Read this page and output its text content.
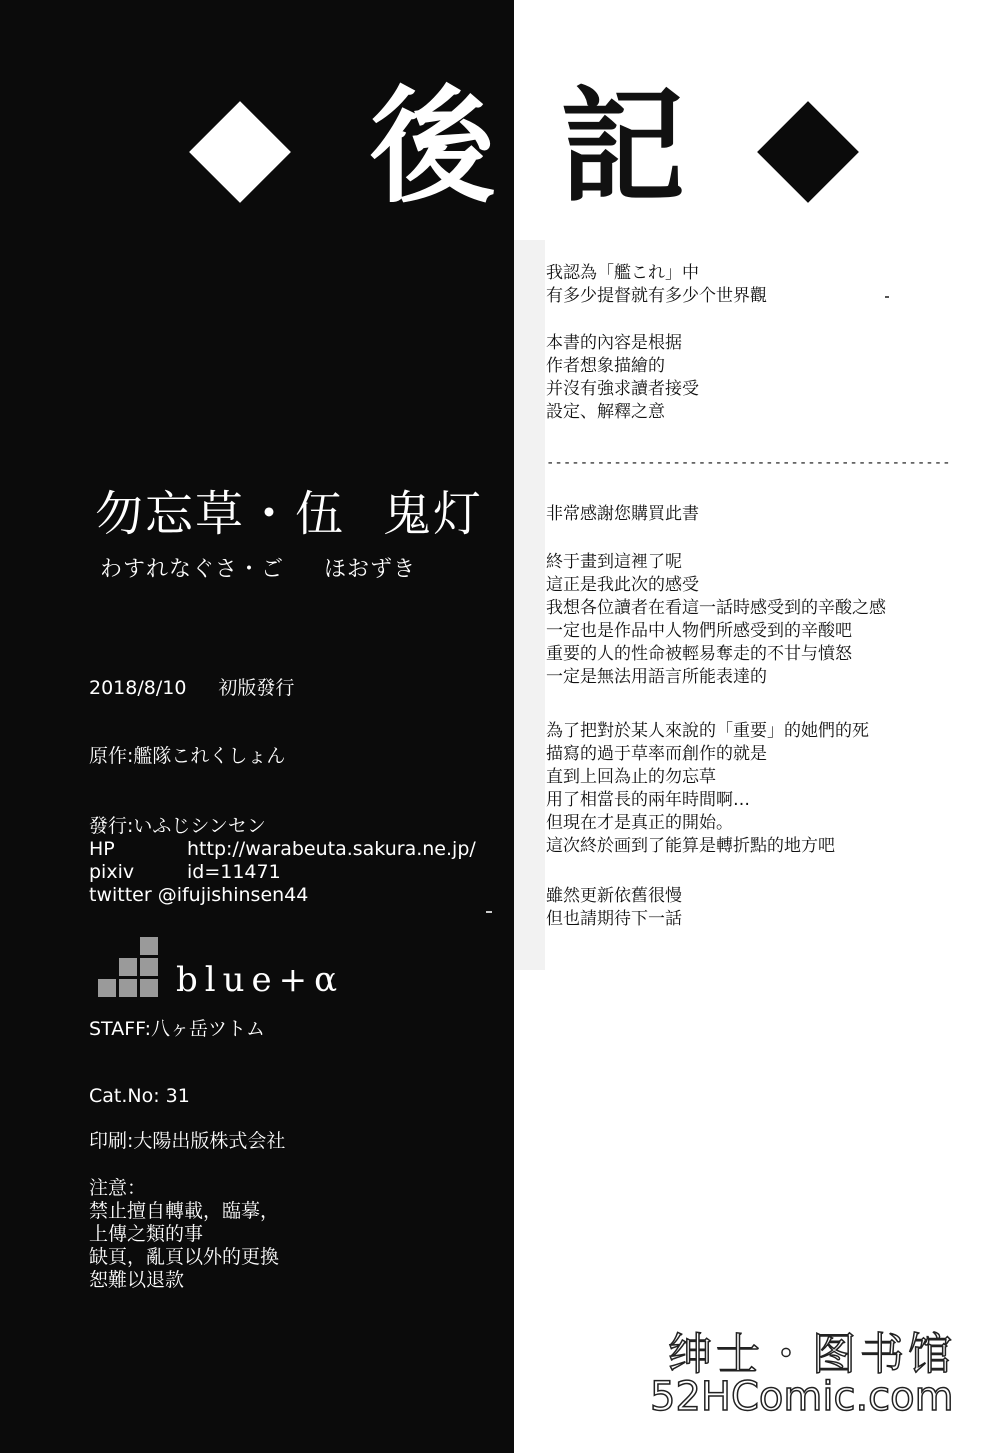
後 記
勿忘草・伍 鬼灯
わすれなぐさ・ご ほおずき
2018/8/10 初版發行
原作:艦隊これくしょん
發行:いふじシンセン
HP	http://warabeuta.sakura.ne.jp/
pixiv	id=11471
twitter @ifujishinsen44
blue+α
STAFF:八ヶ岳ツトム
Cat.No: 31
印刷:大陽出版株式会社
注意：
禁止擅自轉載，臨摹，
上傳之類的事
缺頁，亂頁以外的更換
恕難以退款
我認為「艦これ」中
有多少提督就有多少个世界觀
本書的內容是根据
作者想象描繪的
并沒有強求讀者接受
設定、解釋之意
------------------------------------------------
非常感謝您購買此書
終于畫到這裡了呢
這正是我此次的感受
我想各位讀者在看這一話時感受到的辛酸之感
一定也是作品中人物們所感受到的辛酸吧
重要的人的性命被輕易奪走的不甘与憤怒
一定是無法用語言所能表達的
為了把對於某人來說的「重要」的她們的死
描寫的過于草率而創作的就是
直到上回為止的勿忘草
用了相當長的兩年時間啊…
但現在才是真正的開始。
這次終於画到了能算是轉折點的地方吧
雖然更新依舊很慢
但也請期待下一話
绅士・图书馆
52HComic.com
